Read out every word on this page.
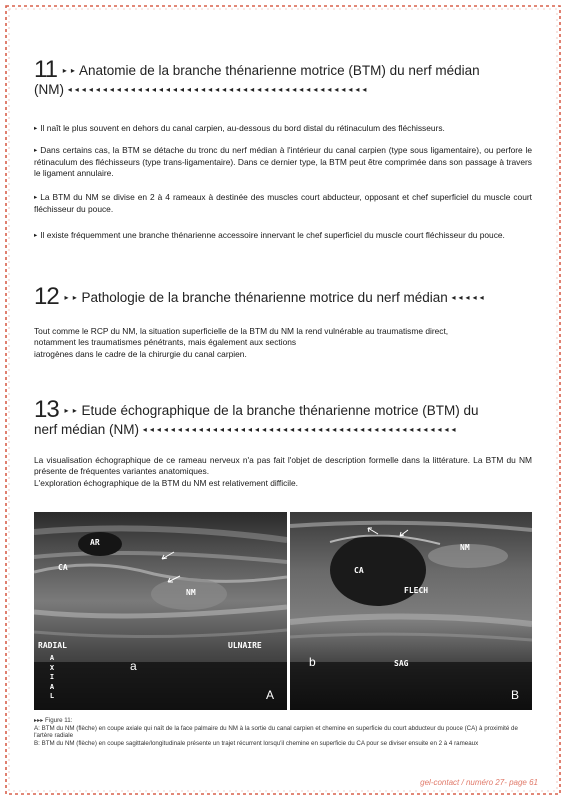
11 ▸ ▸ Anatomie de la branche thénarienne motrice (BTM) du nerf médian
(NM) ◂◂◂◂◂◂◂◂◂◂◂◂◂◂◂◂◂◂◂◂◂◂◂◂◂◂◂◂◂◂◂◂◂◂◂◂◂◂◂◂◂◂◂
▸ Il naît le plus souvent en dehors du canal carpien, au-dessous du bord distal du rétinaculum des fléchisseurs.
▸ Dans certains cas, la BTM se détache du tronc du nerf médian à l'intérieur du canal carpien (type sous ligamentaire), ou perfore le rétinaculum des fléchisseurs (type trans-ligamentaire). Dans ce dernier type, la BTM peut être comprimée dans son passage à travers le ligament annulaire.
▸ La BTM du NM se divise en 2 à 4 rameaux à destinée des muscles court abducteur, opposant et chef superficiel du muscle court fléchisseur du pouce.
▸ Il existe fréquemment une branche thénarienne accessoire innervant le chef superficiel du muscle court fléchisseur du pouce.
12 ▸ ▸ Pathologie de la branche thénarienne motrice du nerf médian ◂◂◂◂◂
Tout comme le RCP du NM, la situation superficielle de la BTM du NM la rend vulnérable au traumatisme direct,
notamment les traumatismes pénétrants, mais également aux sections
iatrogènes dans le cadre de la chirurgie du canal carpien.
13 ▸ ▸ Etude échographique de la branche thénarienne motrice (BTM) du
nerf médian (NM) ◂◂◂◂◂◂◂◂◂◂◂◂◂◂◂◂◂◂◂◂◂◂◂◂◂◂◂◂◂◂◂◂◂◂◂◂◂◂◂◂◂◂◂◂◂
La visualisation échographique de ce rameau nerveux n'a pas fait l'objet de description formelle dans la littérature. La BTM du NM présente de fréquentes variantes anatomiques.
L'exploration échographique de la BTM du NM est relativement difficile.
AR
CA
NM
RADIAL	ULNAIRE
A
X
I
A
L
a
A
CA
NM
FLECH
SAG
b
B
▸▸▸ Figure 11:
A: BTM du NM (flèche) en coupe axiale qui naît de la face palmaire du NM à la sortie du canal carpien et chemine en superficie du court abducteur du pouce (CA) à proximité de l'artère radiale
B: BTM du NM (flèche) en coupe sagittale/longitudinale présente un trajet récurrent lorsqu'il chemine en superficie du CA pour se diviser ensuite en 2 à 4 rameaux
gel-contact / numéro 27- page 61
